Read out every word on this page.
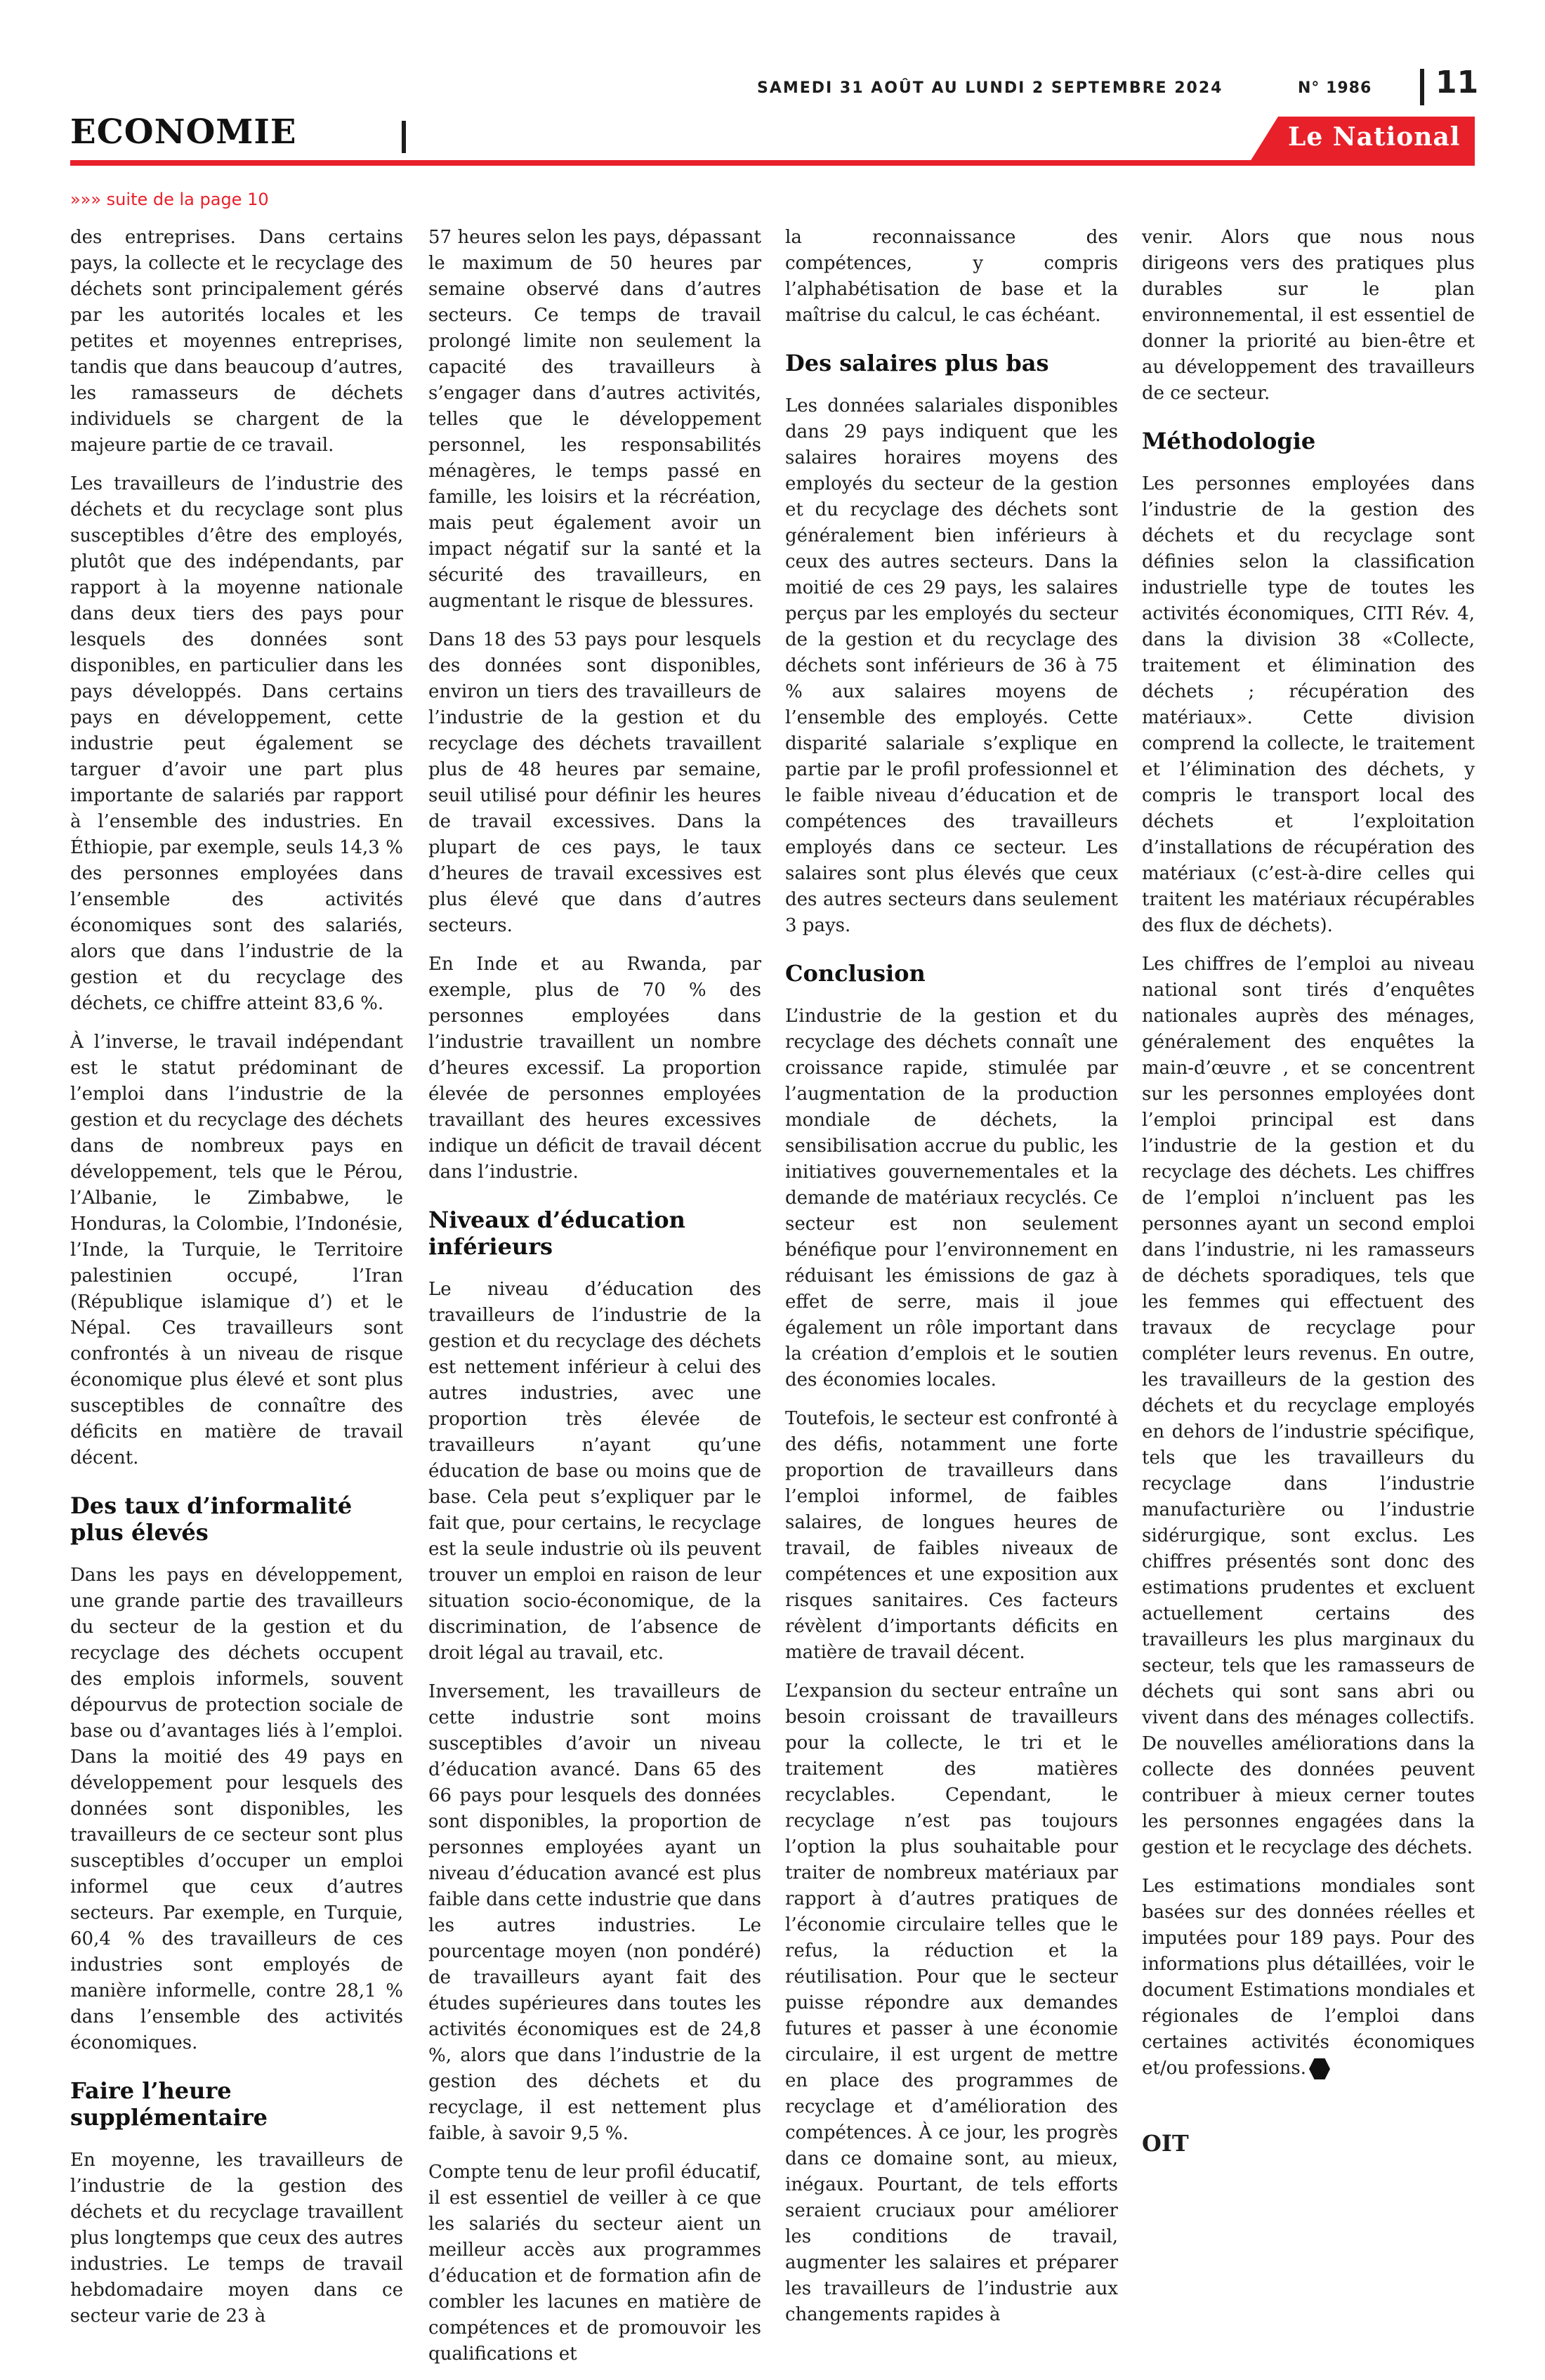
SAMEDI 31 AOÛT AU LUNDI 2 SEPTEMBRE 2024	N° 1986 11
ECONOMIE	Le National
»»» suite de la page 10

des entreprises. Dans certains pays, la collecte et le recyclage des déchets sont principalement gérés par les autorités locales et les petites et moyennes entreprises, tandis que dans beaucoup d’autres, les ramasseurs de déchets individuels se chargent de la majeure partie de ce travail.

Les travailleurs de l’industrie des déchets et du recyclage sont plus susceptibles d’être des employés, plutôt que des indépendants, par rapport à la moyenne nationale dans deux tiers des pays pour lesquels des données sont disponibles, en particulier dans les pays développés. Dans certains pays en développement, cette industrie peut également se targuer d’avoir une part plus importante de salariés par rapport à l’ensemble des industries. En Éthiopie, par exemple, seuls 14,3 % des personnes employées dans l’ensemble des activités économiques sont des salariés, alors que dans l’industrie de la gestion et du recyclage des déchets, ce chiffre atteint 83,6 %.

À l’inverse, le travail indépendant est le statut prédominant de l’emploi dans l’industrie de la gestion et du recyclage des déchets dans de nombreux pays en développement, tels que le Pérou, l’Albanie, le Zimbabwe, le Honduras, la Colombie, l’Indonésie, l’Inde, la Turquie, le Territoire palestinien occupé, l’Iran (République islamique d’) et le Népal. Ces travailleurs sont confrontés à un niveau de risque économique plus élevé et sont plus susceptibles de connaître des déficits en matière de travail décent.

Des taux d’informalité plus élevés

Dans les pays en développement, une grande partie des travailleurs du secteur de la gestion et du recyclage des déchets occupent des emplois informels, souvent dépourvus de protection sociale de base ou d’avantages liés à l’emploi. Dans la moitié des 49 pays en développement pour lesquels des données sont disponibles, les travailleurs de ce secteur sont plus susceptibles d’occuper un emploi informel que ceux d’autres secteurs. Par exemple, en Turquie, 60,4 % des travailleurs de ces industries sont employés de manière informelle, contre 28,1 % dans l’ensemble des activités économiques.

Faire l’heure supplémentaire

En moyenne, les travailleurs de l’industrie de la gestion des déchets et du recyclage travaillent plus longtemps que ceux des autres industries. Le temps de travail hebdomadaire moyen dans ce secteur varie de 23 à

57 heures selon les pays, dépassant le maximum de 50 heures par semaine observé dans d’autres secteurs. Ce temps de travail prolongé limite non seulement la capacité des travailleurs à s’engager dans d’autres activités, telles que le développement personnel, les responsabilités ménagères, le temps passé en famille, les loisirs et la récréation, mais peut également avoir un impact négatif sur la santé et la sécurité des travailleurs, en augmentant le risque de blessures.

Dans 18 des 53 pays pour lesquels des données sont disponibles, environ un tiers des travailleurs de l’industrie de la gestion et du recyclage des déchets travaillent plus de 48 heures par semaine, seuil utilisé pour définir les heures de travail excessives. Dans la plupart de ces pays, le taux d’heures de travail excessives est plus élevé que dans d’autres secteurs.

En Inde et au Rwanda, par exemple, plus de 70 % des personnes employées dans l’industrie travaillent un nombre d’heures excessif. La proportion élevée de personnes employées travaillant des heures excessives indique un déficit de travail décent dans l’industrie.

Niveaux d’éducation inférieurs

Le niveau d’éducation des travailleurs de l’industrie de la gestion et du recyclage des déchets est nettement inférieur à celui des autres industries, avec une proportion très élevée de travailleurs n’ayant qu’une éducation de base ou moins que de base. Cela peut s’expliquer par le fait que, pour certains, le recyclage est la seule industrie où ils peuvent trouver un emploi en raison de leur situation socio-économique, de la discrimination, de l’absence de droit légal au travail, etc.

Inversement, les travailleurs de cette industrie sont moins susceptibles d’avoir un niveau d’éducation avancé. Dans 65 des 66 pays pour lesquels des données sont disponibles, la proportion de personnes employées ayant un niveau d’éducation avancé est plus faible dans cette industrie que dans les autres industries. Le pourcentage moyen (non pondéré) de travailleurs ayant fait des études supérieures dans toutes les activités économiques est de 24,8 %, alors que dans l’industrie de la gestion des déchets et du recyclage, il est nettement plus faible, à savoir 9,5 %.

Compte tenu de leur profil éducatif, il est essentiel de veiller à ce que les salariés du secteur aient un meilleur accès aux programmes d’éducation et de formation afin de combler les lacunes en matière de compétences et de promouvoir les qualifications et

la reconnaissance des compétences, y compris l’alphabétisation de base et la maîtrise du calcul, le cas échéant.

Des salaires plus bas

Les données salariales disponibles dans 29 pays indiquent que les salaires horaires moyens des employés du secteur de la gestion et du recyclage des déchets sont généralement bien inférieurs à ceux des autres secteurs. Dans la moitié de ces 29 pays, les salaires perçus par les employés du secteur de la gestion et du recyclage des déchets sont inférieurs de 36 à 75 % aux salaires moyens de l’ensemble des employés. Cette disparité salariale s’explique en partie par le profil professionnel et le faible niveau d’éducation et de compétences des travailleurs employés dans ce secteur. Les salaires sont plus élevés que ceux des autres secteurs dans seulement 3 pays.

Conclusion

L’industrie de la gestion et du recyclage des déchets connaît une croissance rapide, stimulée par l’augmentation de la production mondiale de déchets, la sensibilisation accrue du public, les initiatives gouvernementales et la demande de matériaux recyclés. Ce secteur est non seulement bénéfique pour l’environnement en réduisant les émissions de gaz à effet de serre, mais il joue également un rôle important dans la création d’emplois et le soutien des économies locales.

Toutefois, le secteur est confronté à des défis, notamment une forte proportion de travailleurs dans l’emploi informel, de faibles salaires, de longues heures de travail, de faibles niveaux de compétences et une exposition aux risques sanitaires. Ces facteurs révèlent d’importants déficits en matière de travail décent.

L’expansion du secteur entraîne un besoin croissant de travailleurs pour la collecte, le tri et le traitement des matières recyclables. Cependant, le recyclage n’est pas toujours l’option la plus souhaitable pour traiter de nombreux matériaux par rapport à d’autres pratiques de l’économie circulaire telles que le refus, la réduction et la réutilisation. Pour que le secteur puisse répondre aux demandes futures et passer à une économie circulaire, il est urgent de mettre en place des programmes de recyclage et d’amélioration des compétences. À ce jour, les progrès dans ce domaine sont, au mieux, inégaux. Pourtant, de tels efforts seraient cruciaux pour améliorer les conditions de travail, augmenter les salaires et préparer les travailleurs de l’industrie aux changements rapides à

venir. Alors que nous nous dirigeons vers des pratiques plus durables sur le plan environnemental, il est essentiel de donner la priorité au bien-être et au développement des travailleurs de ce secteur.

Méthodologie

Les personnes employées dans l’industrie de la gestion des déchets et du recyclage sont définies selon la classification industrielle type de toutes les activités économiques, CITI Rév. 4, dans la division 38 «Collecte, traitement et élimination des déchets ; récupération des matériaux». Cette division comprend la collecte, le traitement et l’élimination des déchets, y compris le transport local des déchets et l’exploitation d’installations de récupération des matériaux (c’est-à-dire celles qui traitent les matériaux récupérables des flux de déchets).

Les chiffres de l’emploi au niveau national sont tirés d’enquêtes nationales auprès des ménages, généralement des enquêtes la main-d’œuvre , et se concentrent sur les personnes employées dont l’emploi principal est dans l’industrie de la gestion et du recyclage des déchets. Les chiffres de l’emploi n’incluent pas les personnes ayant un second emploi dans l’industrie, ni les ramasseurs de déchets sporadiques, tels que les femmes qui effectuent des travaux de recyclage pour compléter leurs revenus. En outre, les travailleurs de la gestion des déchets et du recyclage employés en dehors de l’industrie spécifique, tels que les travailleurs du recyclage dans l’industrie manufacturière ou l’industrie sidérurgique, sont exclus. Les chiffres présentés sont donc des estimations prudentes et excluent actuellement certains des travailleurs les plus marginaux du secteur, tels que les ramasseurs de déchets qui sont sans abri ou vivent dans des ménages collectifs. De nouvelles améliorations dans la collecte des données peuvent contribuer à mieux cerner toutes les personnes engagées dans la gestion et le recyclage des déchets.

Les estimations mondiales sont basées sur des données réelles et imputées pour 189 pays. Pour des informations plus détaillées, voir le document Estimations mondiales et régionales de l’emploi dans certaines activités économiques et/ou professions.

OIT
